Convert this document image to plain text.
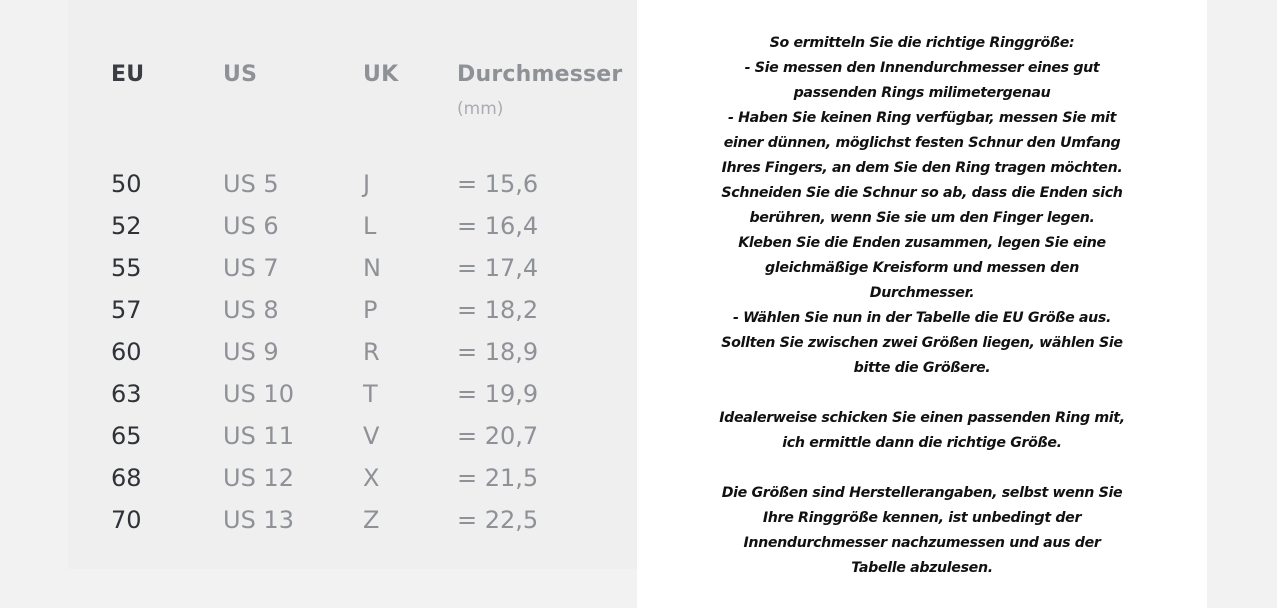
EU	US	UK	Durchmesser
(mm)
50	US 5	J	= 15,6
52	US 6	L	= 16,4
55	US 7	N	= 17,4
57	US 8	P	= 18,2
60	US 9	R	= 18,9
63	US 10	T	= 19,9
65	US 11	V	= 20,7
68	US 12	X	= 21,5
70	US 13	Z	= 22,5
So ermitteln Sie die richtige Ringgröße:
- Sie messen den Innendurchmesser eines gut
passenden Rings milimetergenau
- Haben Sie keinen Ring verfügbar, messen Sie mit
einer dünnen, möglichst festen Schnur den Umfang
Ihres Fingers, an dem Sie den Ring tragen möchten.
Schneiden Sie die Schnur so ab, dass die Enden sich
berühren, wenn Sie sie um den Finger legen.
Kleben Sie die Enden zusammen, legen Sie eine
gleichmäßige Kreisform und messen den
Durchmesser.
- Wählen Sie nun in der Tabelle die EU Größe aus.
Sollten Sie zwischen zwei Größen liegen, wählen Sie
bitte die Größere.
Idealerweise schicken Sie einen passenden Ring mit,
ich ermittle dann die richtige Größe.
Die Größen sind Herstellerangaben, selbst wenn Sie
Ihre Ringgröße kennen, ist unbedingt der
Innendurchmesser nachzumessen und aus der
Tabelle abzulesen.
